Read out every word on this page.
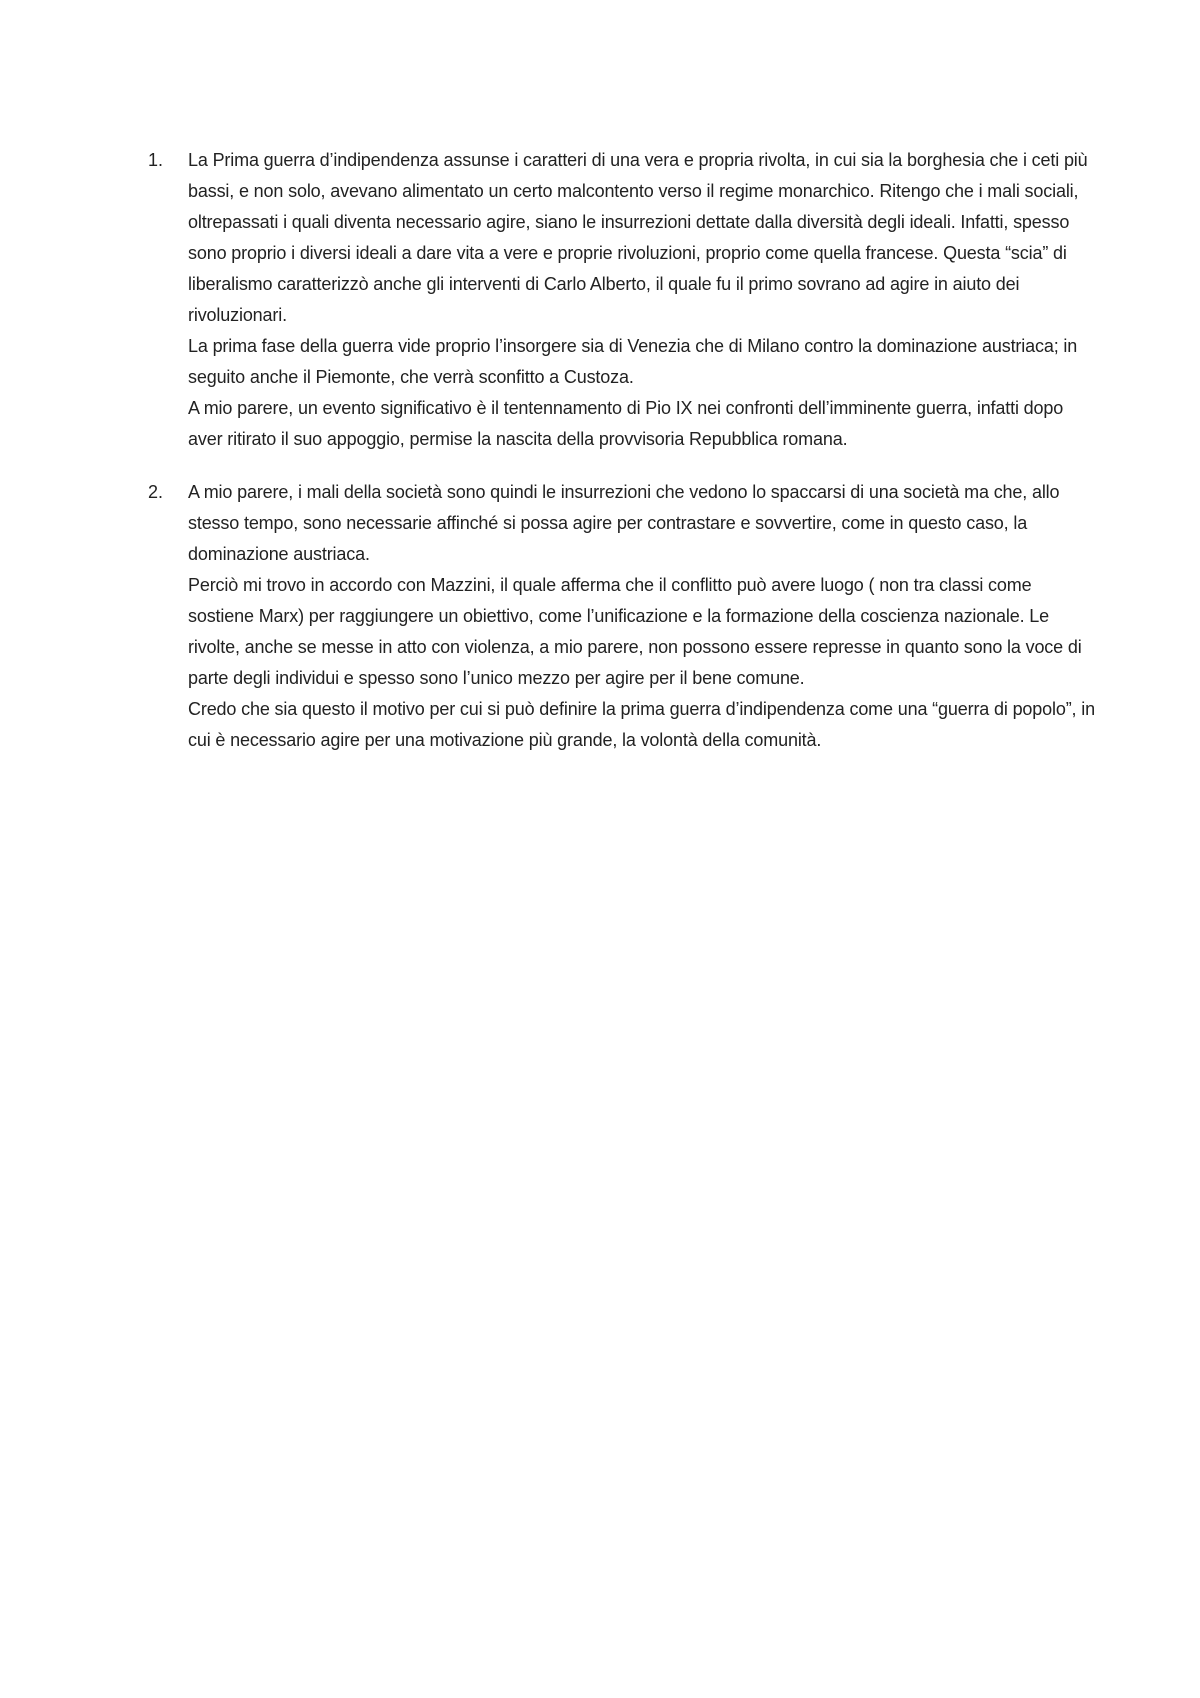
1. La Prima guerra d’indipendenza assunse i caratteri di una vera e propria rivolta, in cui sia la borghesia che i ceti più bassi, e non solo, avevano alimentato un certo malcontento verso il regime monarchico. Ritengo che i mali sociali, oltrepassati i quali diventa necessario agire, siano le insurrezioni dettate dalla diversità degli ideali. Infatti, spesso sono proprio i diversi ideali a dare vita a vere e proprie rivoluzioni, proprio come quella francese. Questa “scia” di liberalismo caratterizzò anche gli interventi di Carlo Alberto, il quale fu il primo sovrano ad agire in aiuto dei rivoluzionari.

La prima fase della guerra vide proprio l’insorgere sia di Venezia che di Milano contro la dominazione austriaca; in seguito anche il Piemonte, che verrà sconfitto a Custoza.

A mio parere, un evento significativo è il tentennamento di Pio IX nei confronti dell’imminente guerra, infatti dopo aver ritirato il suo appoggio, permise la nascita della provvisoria Repubblica romana.

2. A mio parere, i mali della società sono quindi le insurrezioni che vedono lo spaccarsi di una società ma che, allo stesso tempo, sono necessarie affinché si possa agire per contrastare e sovvertire, come in questo caso, la dominazione austriaca.

Perciò mi trovo in accordo con Mazzini, il quale afferma che il conflitto può avere luogo ( non tra classi come sostiene Marx) per raggiungere un obiettivo, come l’unificazione e la formazione della coscienza nazionale. Le rivolte, anche se messe in atto con violenza, a mio parere, non possono essere represse in quanto sono la voce di parte degli individui e spesso sono l’unico mezzo per agire per il bene comune.

Credo che sia questo il motivo per cui si può definire la prima guerra d’indipendenza come una “guerra di popolo”, in cui è necessario agire per una motivazione più grande, la volontà della comunità.
